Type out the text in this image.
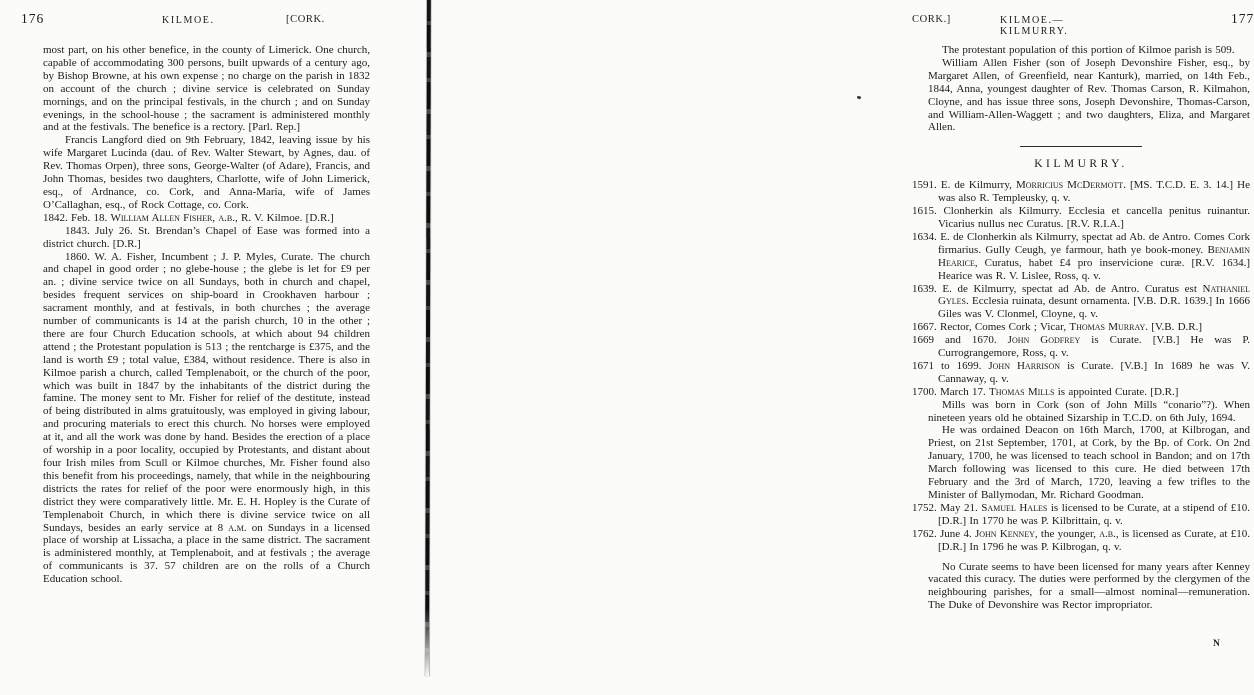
176	KILMOE.	[CORK.

most part, on his other benefice, in the county of Limerick. One church, capable of accommodating 300 persons, built upwards of a century ago, by Bishop Browne, at his own expense ; no charge on the parish in 1832 on account of the church ; divine service is celebrated on Sunday mornings, and on the principal festivals, in the church ; and on Sunday evenings, in the school-house ; the sacrament is administered monthly and at the festivals. The benefice is a rectory. [Parl. Rep.]

Francis Langford died on 9th February, 1842, leaving issue by his wife Margaret Lucinda (dau. of Rev. Walter Stewart, by Agnes, dau. of Rev. Thomas Orpen), three sons, George-Walter (of Adare), Francis, and John Thomas, besides two daughters, Charlotte, wife of John Limerick, esq., of Ardnance, co. Cork, and Anna-Maria, wife of James O’Callaghan, esq., of Rock Cottage, co. Cork.

1842. Feb. 18. William Allen Fisher, a.b., R. V. Kilmoe. [D.R.]

1843. July 26. St. Brendan’s Chapel of Ease was formed into a district church. [D.R.]

1860. W. A. Fisher, Incumbent ; J. P. Myles, Curate. The church and chapel in good order ; no glebe-house ; the glebe is let for £9 per an. ; divine service twice on all Sundays, both in church and chapel, besides frequent services on ship-board in Crookhaven harbour ; sacrament monthly, and at festivals, in both churches ; the average number of communicants is 14 at the parish church, 10 in the other ; there are four Church Education schools, at which about 94 children attend ; the Protestant population is 513 ; the rentcharge is £375, and the land is worth £9 ; total value, £384, without residence. There is also in Kilmoe parish a church, called Templenaboit, or the church of the poor, which was built in 1847 by the inhabitants of the district during the famine. The money sent to Mr. Fisher for relief of the destitute, instead of being distributed in alms gratuitously, was employed in giving labour, and procuring materials to erect this church. No horses were employed at it, and all the work was done by hand. Besides the erection of a place of worship in a poor locality, occupied by Protestants, and distant about four Irish miles from Scull or Kilmoe churches, Mr. Fisher found also this benefit from his proceedings, namely, that while in the neighbouring districts the rates for relief of the poor were enormously high, in this district they were comparatively little. Mr. E. H. Hopley is the Curate of Templenaboit Church, in which there is divine service twice on all Sundays, besides an early service at 8 a.m. on Sundays in a licensed place of worship at Lissacha, a place in the same district. The sacrament is administered monthly, at Templenaboit, and at festivals ; the average of communicants is 37. 57 children are on the rolls of a Church Education school.

CORK.]	KILMOE.—KILMURRY.
177

The protestant population of this portion of Kilmoe parish is 509.

William Allen Fisher (son of Joseph Devonshire Fisher, esq., by Margaret Allen, of Greenfield, near Kanturk), married, on 14th Feb., 1844, Anna, youngest daughter of Rev. Thomas Carson, R. Kilmahon, Cloyne, and has issue three sons, Joseph Devonshire, Thomas-Carson, and William-Allen-Waggett ; and two daughters, Eliza, and Margaret Allen.

KILMURRY.

1591. E. de Kilmurry, Morricius McDermott. [MS. T.C.D. E. 3. 14.] He was also R. Templeusky, q. v.

1615. Clonherkin als Kilmurry. Ecclesia et cancella penitus ruinantur. Vicarius nullus nec Curatus. [R.V. R.I.A.]

1634. E. de Clonherkin als Kilmurry, spectat ad Ab. de Antro. Comes Cork firmarius. Gully Ceugh, ye farmour, hath ye book-money. Benjamin Hearice, Curatus, habet £4 pro inservicione curæ. [R.V. 1634.] Hearice was R. V. Lislee, Ross, q. v.

1639. E. de Kilmurry, spectat ad Ab. de Antro. Curatus est Nathaniel Gyles. Ecclesia ruinata, desunt ornamenta. [V.B. D.R. 1639.] In 1666 Giles was V. Clonmel, Cloyne, q. v.

1667. Rector, Comes Cork ; Vicar, Thomas Murray. [V.B. D.R.]

1669 and 1670. John Godfrey is Curate. [V.B.] He was P. Currograngemore, Ross, q. v.

1671 to 1699. John Harrison is Curate. [V.B.] In 1689 he was V. Cannaway, q. v.

1700. March 17. Thomas Mills is appointed Curate. [D.R.]

Mills was born in Cork (son of John Mills “conario”?). When nineteen years old he obtained Sizarship in T.C.D. on 6th July, 1694.

He was ordained Deacon on 16th March, 1700, at Kilbrogan, and Priest, on 21st September, 1701, at Cork, by the Bp. of Cork. On 2nd January, 1700, he was licensed to teach school in Bandon; and on 17th March following was licensed to this cure. He died between 17th February and the 3rd of March, 1720, leaving a few trifles to the Minister of Ballymodan, Mr. Richard Goodman.

1752. May 21. Samuel Hales is licensed to be Curate, at a stipend of £10. [D.R.] In 1770 he was P. Kilbrittain, q. v.

1762. June 4. John Kenney, the younger, a.b., is licensed as Curate, at £10. [D.R.] In 1796 he was P. Kilbrogan, q. v.

No Curate seems to have been licensed for many years after Kenney vacated this curacy. The duties were performed by the clergymen of the neighbouring parishes, for a small—almost nominal—remuneration. The Duke of Devonshire was Rector impropriator.

N
